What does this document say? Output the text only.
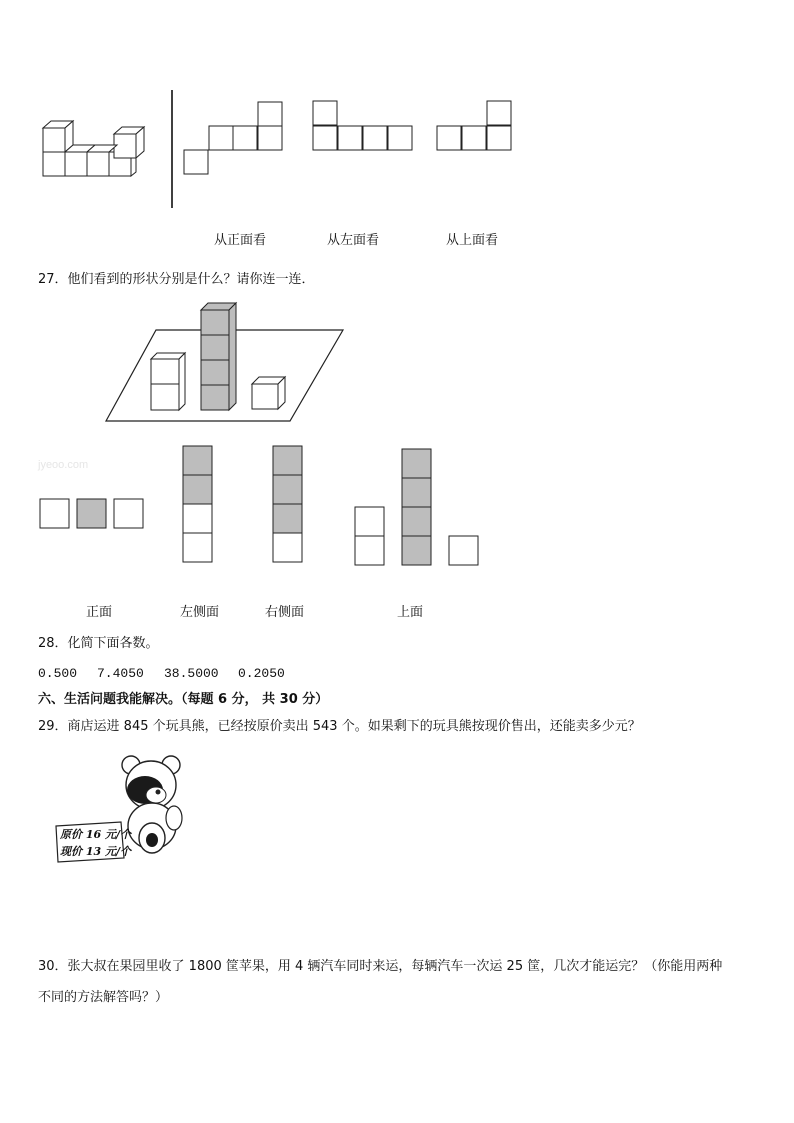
从正面看	从左面看	从上面看
27．他们看到的形状分别是什么？请你连一连．
jyeoo.com
正面	左侧面	右侧面	上面
28．化简下面各数。
0.500 7.4050 38.5000 0.2050
六、生活问题我能解决。（每题 6 分， 共 30 分）
29．商店运进 845 个玩具熊，已经按原价卖出 543 个。如果剩下的玩具熊按现价售出，还能卖多少元？
原价 16 元/个
现价 13 元/个
30．张大叔在果园里收了 1800 筐苹果，用 4 辆汽车同时来运，每辆汽车一次运 25 筐，几次才能运完？（你能用两种
不同的方法解答吗？）
